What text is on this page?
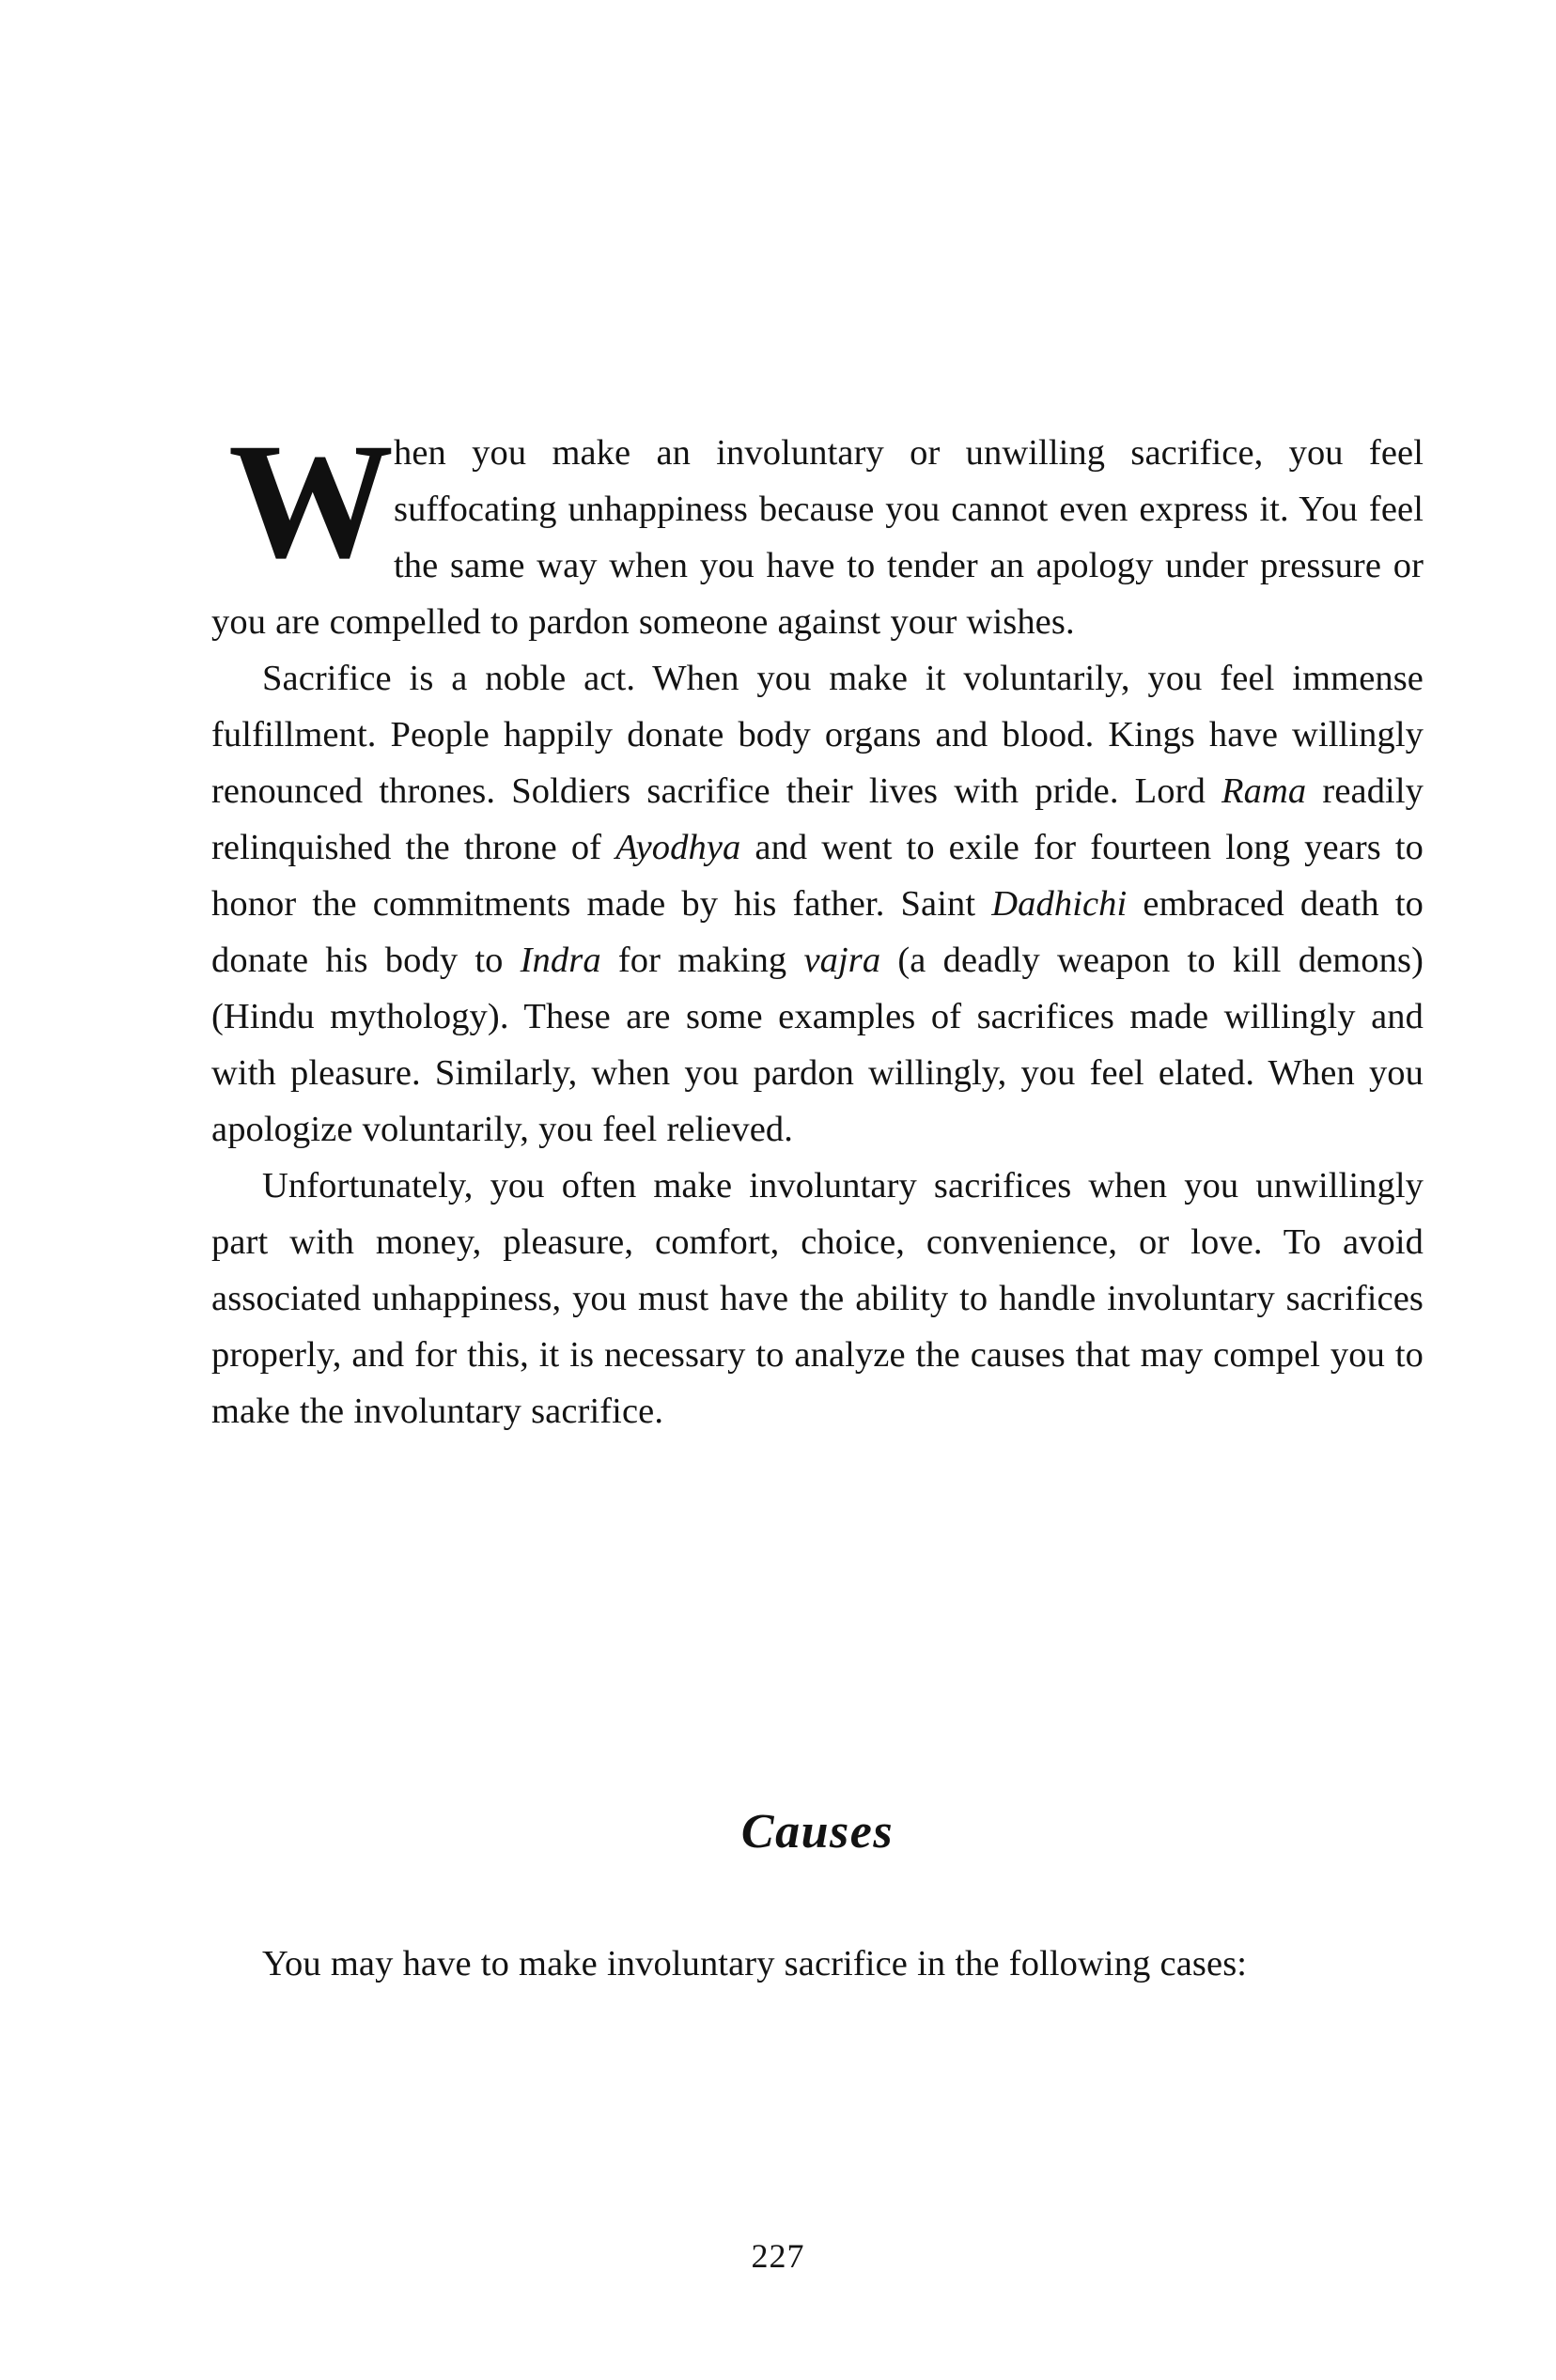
When you make an involuntary or unwilling sacrifice, you feel suffocating unhappiness because you cannot even express it. You feel the same way when you have to tender an apology under pressure or you are compelled to pardon someone against your wishes.

Sacrifice is a noble act. When you make it voluntarily, you feel immense fulfillment. People happily donate body organs and blood. Kings have willingly renounced thrones. Soldiers sacrifice their lives with pride. Lord Rama readily relinquished the throne of Ayodhya and went to exile for fourteen long years to honor the commitments made by his father. Saint Dadhichi embraced death to donate his body to Indra for making vajra (a deadly weapon to kill demons) (Hindu mythology). These are some examples of sacrifices made willingly and with pleasure. Similarly, when you pardon willingly, you feel elated. When you apologize voluntarily, you feel relieved.

Unfortunately, you often make involuntary sacrifices when you unwillingly part with money, pleasure, comfort, choice, convenience, or love. To avoid associated unhappiness, you must have the ability to handle involuntary sacrifices properly, and for this, it is necessary to analyze the causes that may compel you to make the involuntary sacrifice.

Causes

You may have to make involuntary sacrifice in the following cases:

227
